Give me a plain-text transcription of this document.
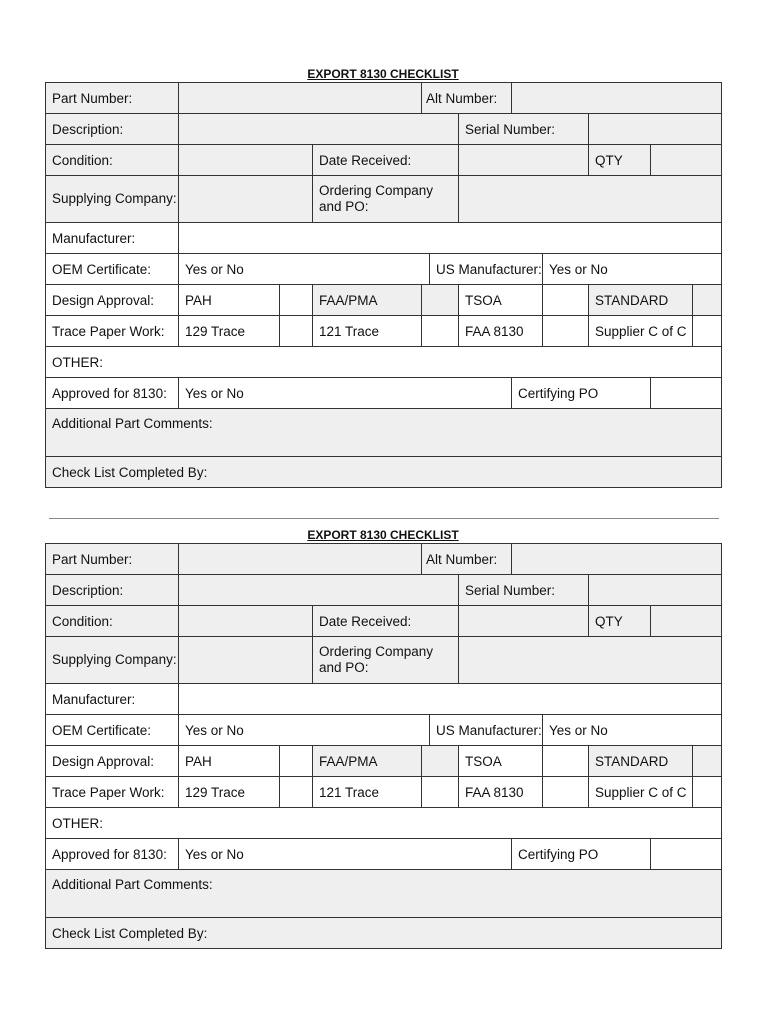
EXPORT 8130 CHECKLIST
Part Number:				Alt Number:							
Description:						Serial Number:					
Condition:			Date Received:						QTY		
Supplying Company:			Ordering Company and PO:								
Manufacturer:											
OEM Certificate:	Yes or No				US Manufacturer:			Yes or No			
Design Approval:	PAH		FAA/PMA			TSOA			STANDARD		
Trace Paper Work:	129 Trace		121 Trace			FAA 8130			Supplier C of C		
OTHER:											
Approved for 8130:	Yes or No						Certifying PO				
Additional Part Comments:											
Check List Completed By:											
EXPORT 8130 CHECKLIST
Part Number:				Alt Number:							
Description:						Serial Number:					
Condition:			Date Received:						QTY		
Supplying Company:			Ordering Company and PO:								
Manufacturer:											
OEM Certificate:	Yes or No				US Manufacturer:			Yes or No			
Design Approval:	PAH		FAA/PMA			TSOA			STANDARD		
Trace Paper Work:	129 Trace		121 Trace			FAA 8130			Supplier C of C		
OTHER:											
Approved for 8130:	Yes or No						Certifying PO				
Additional Part Comments:											
Check List Completed By:											
